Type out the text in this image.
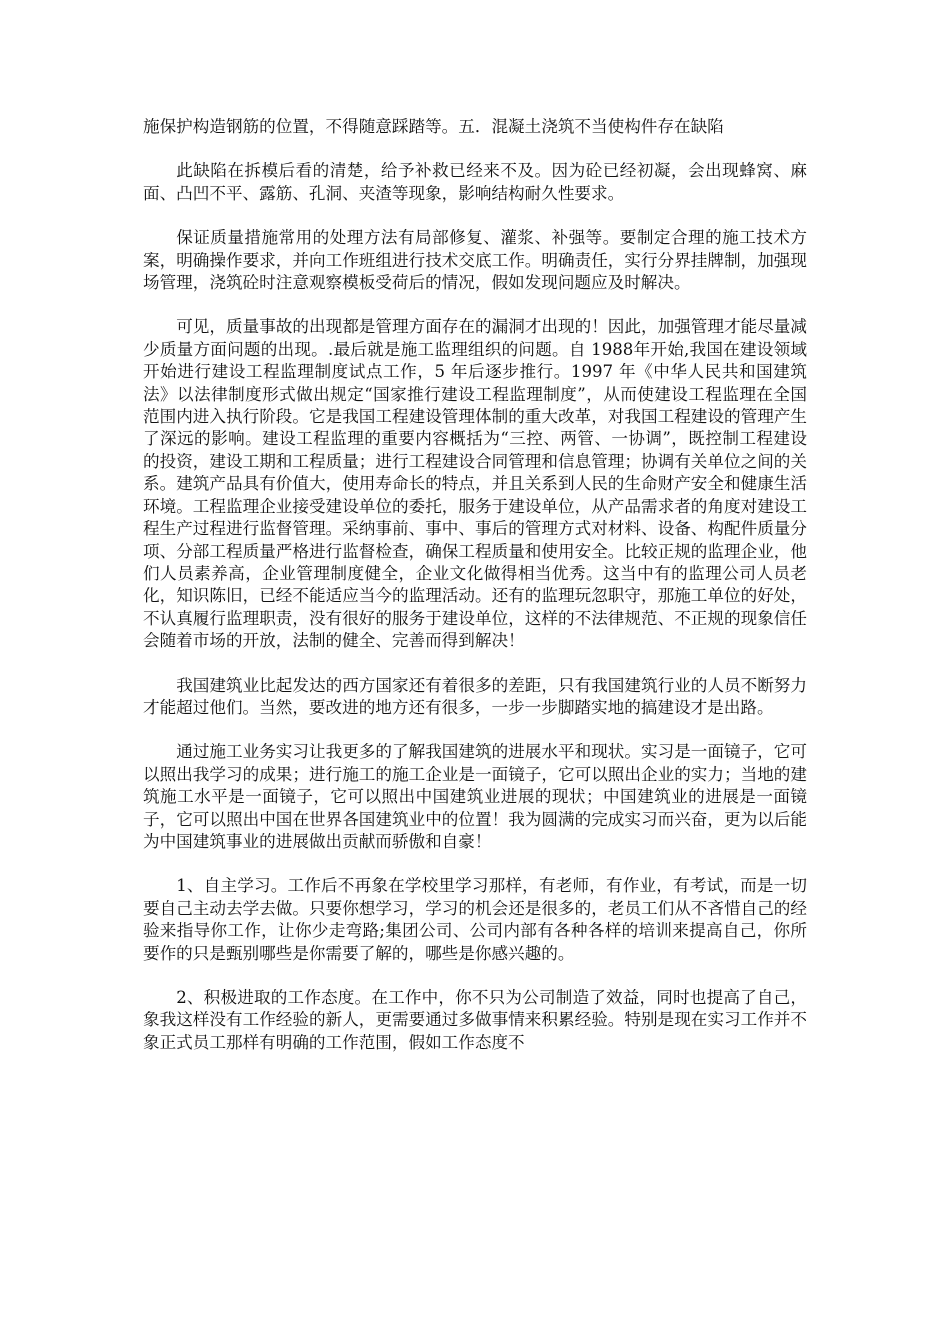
施保护构造钢筋的位置，不得随意踩踏等。五．混凝土浇筑不当使构件存在缺陷

此缺陷在拆模后看的清楚，给予补救已经来不及。因为砼已经初凝，会出现蜂窝、麻面、凸凹不平、露筋、孔洞、夹渣等现象，影响结构耐久性要求。

保证质量措施常用的处理方法有局部修复、灌浆、补强等。要制定合理的施工技术方案，明确操作要求，并向工作班组进行技术交底工作。明确责任，实行分界挂牌制，加强现场管理，浇筑砼时注意观察模板受荷后的情况，假如发现问题应及时解决。

可见，质量事故的出现都是管理方面存在的漏洞才出现的！因此，加强管理才能尽量减少质量方面问题的出现。.最后就是施工监理组织的问题。自 1988年开始,我国在建设领域开始进行建设工程监理制度试点工作，5 年后逐步推行。1997 年《中华人民共和国建筑法》以法律制度形式做出规定“国家推行建设工程监理制度”，从而使建设工程监理在全国范围内进入执行阶段。它是我国工程建设管理体制的重大改革，对我国工程建设的管理产生了深远的影响。建设工程监理的重要内容概括为“三控、两管、一协调”，既控制工程建设的投资，建设工期和工程质量；进行工程建设合同管理和信息管理；协调有关单位之间的关系。建筑产品具有价值大，使用寿命长的特点，并且关系到人民的生命财产安全和健康生活环境。工程监理企业接受建设单位的委托，服务于建设单位，从产品需求者的角度对建设工程生产过程进行监督管理。采纳事前、事中、事后的管理方式对材料、设备、构配件质量分项、分部工程质量严格进行监督检查，确保工程质量和使用安全。比较正规的监理企业，他们人员素养高，企业管理制度健全，企业文化做得相当优秀。这当中有的监理公司人员老化，知识陈旧，已经不能适应当今的监理活动。还有的监理玩忽职守，那施工单位的好处，不认真履行监理职责，没有很好的服务于建设单位，这样的不法律规范、不正规的现象信任会随着市场的开放，法制的健全、完善而得到解决！

我国建筑业比起发达的西方国家还有着很多的差距，只有我国建筑行业的人员不断努力才能超过他们。当然，要改进的地方还有很多，一步一步脚踏实地的搞建设才是出路。

通过施工业务实习让我更多的了解我国建筑的进展水平和现状。实习是一面镜子，它可以照出我学习的成果；进行施工的施工企业是一面镜子，它可以照出企业的实力；当地的建筑施工水平是一面镜子，它可以照出中国建筑业进展的现状；中国建筑业的进展是一面镜子，它可以照出中国在世界各国建筑业中的位置！我为圆满的完成实习而兴奋，更为以后能为中国建筑事业的进展做出贡献而骄傲和自豪！

1、自主学习。工作后不再象在学校里学习那样，有老师，有作业，有考试，而是一切要自己主动去学去做。只要你想学习，学习的机会还是很多的，老员工们从不吝惜自己的经验来指导你工作，让你少走弯路;集团公司、公司内部有各种各样的培训来提高自己，你所要作的只是甄别哪些是你需要了解的，哪些是你感兴趣的。

2、积极进取的工作态度。在工作中，你不只为公司制造了效益，同时也提高了自己，象我这样没有工作经验的新人，更需要通过多做事情来积累经验。特别是现在实习工作并不象正式员工那样有明确的工作范围，假如工作态度不
